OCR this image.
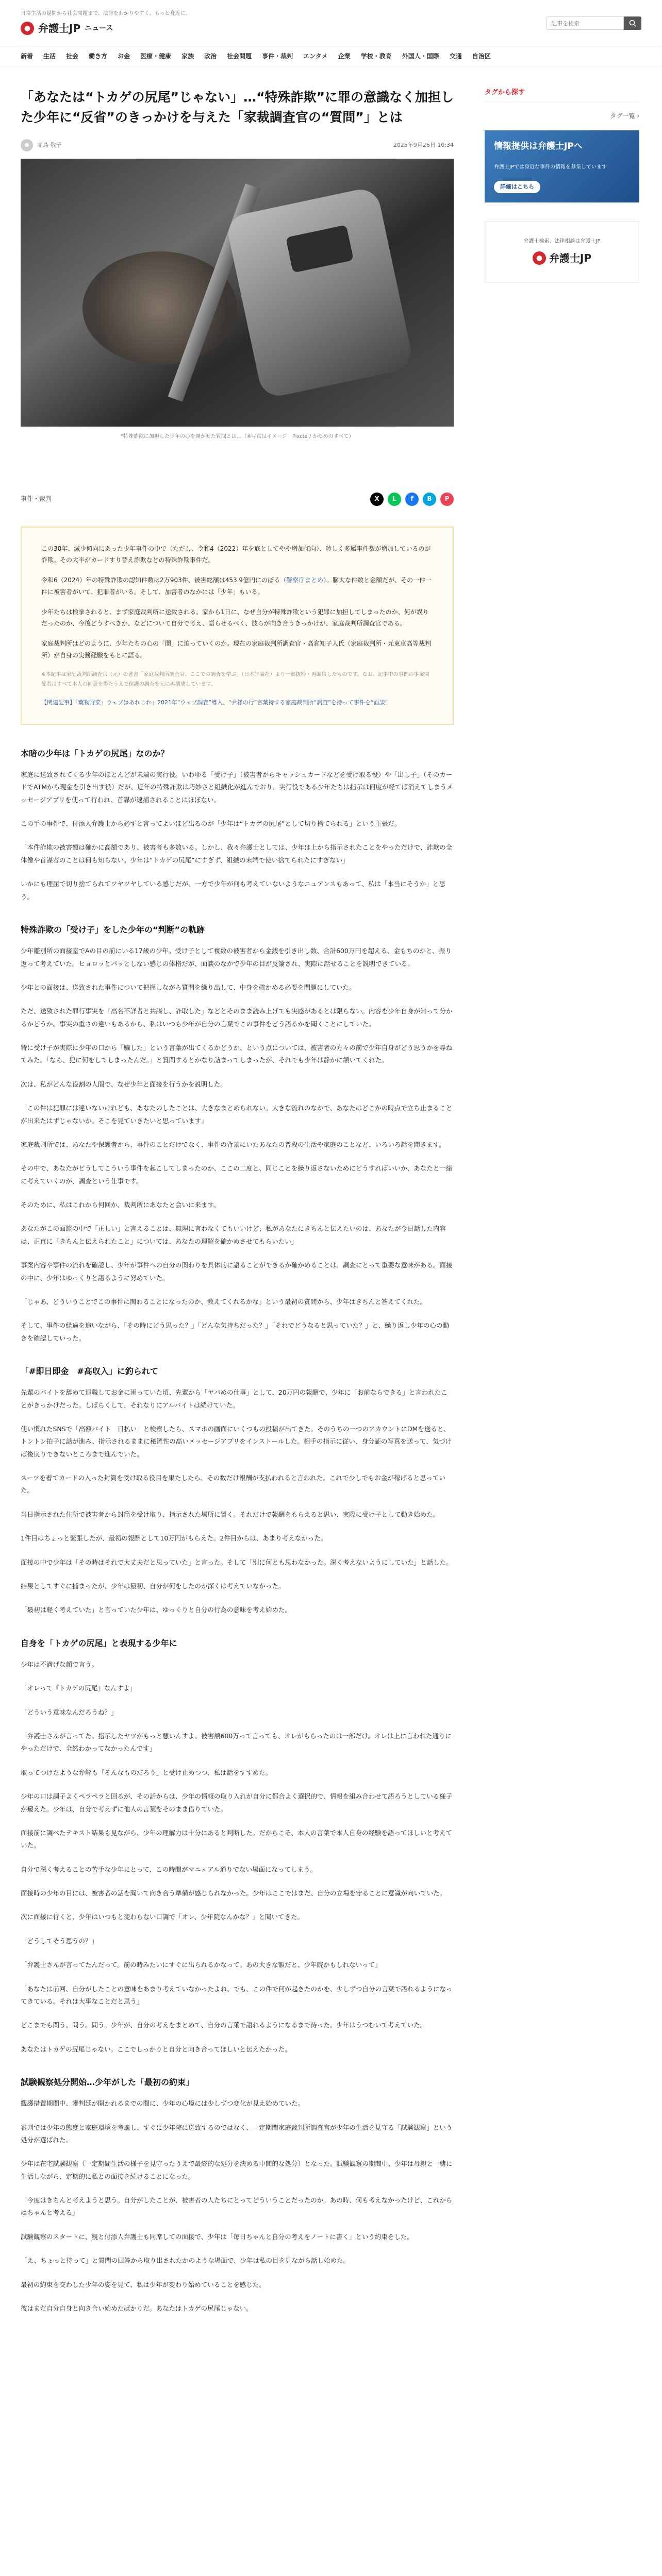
日常生活の疑問から社会問題まで、法律をわかりやすく。もっと身近に。
● 弁護士JP ニュース
記事を検索
新着 生活 社会 働き方 お金 医療・健康 家族 政治 社会問題 事件・裁判 エンタメ 企業 学校・教育 外国人・国際 交通 自治区
「あなたは“トカゲの尻尾”じゃない」…“特殊詐欺”に罪の意識なく加担した少年に“反省”のきっかけを与えた「家裁調査官の“質問”」とは
●	高島 敬子	2025年9月26日 10:34
“特殊詐欺に加担した少年の心を開かせた質問とは…（※写真はイメージ　Pixcta / かなめのすべて）
事件・裁判	X	L	f	B	P

この30年、減少傾向にあった少年事件の中で（ただし、令和4（2022）年を底としてやや増加傾向）、珍しく多属事件数が増加しているのが詐欺。その大半がカードすり替え詐欺などの特殊詐欺事件だ。

令和6（2024）年の特殊詐欺の認知件数は2万903件、被害総額は453.9億円にのぼる（警察庁まとめ）。膨大な件数と金額だが、その一件一件に被害者がいて、犯罪者がいる。そして、加害者のなかには「少年」もいる。

少年たちは検挙されると、まず家庭裁判所に送致される。家から1日に、なぜ自分が特殊詐欺という犯罪に加担してしまったのか、何が誤りだったのか、今後どうすべきか、などについて自分で考え、語らせるべく、彼らが向き合うきっかけが、家庭裁判所調査官である。

家庭裁判所はどのように、少年たちの心の「闇」に迫っていくのか。現在の家庭裁判所調査官・高倉知子人氏（家庭裁判所・元東京高等裁判所）が自身の実務経験をもとに語る。

※本記事は家庭裁判所調査官（元）の著書「家庭裁判所調査官、ここでの調査を学ぶ」（日本評論社）より一部抜粋・再編集したものです。なお、記事中の事例の事案関係者はすべて本人の同意を得たうえで保護の調査を元に再構成しています。

【関連記事】「葉物野菜」ウェブはあれこれ」2021年“ウェブ調査”導入、“尹様の行”言葉持する家庭裁判所“調査”を持って事件を“面談”

本暗の少年は「トカゲの尻尾」なのか？

家庭に送致されてくる少年のほとんどが未端の実行役。いわゆる「受け子」（被害者からキャッシュカードなどを受け取る役）や「出し子」（そのカードでATMから現金を引き出す役）だが、近年の特殊詐欺は巧妙さと組織化が進んでおり、実行役である少年たちは指示は何度が経てば消えてしまうメッセージアプリを使って行われ、首謀が逮捕されることはほぼない。

この手の事件で、付添人弁護士から必ずと言ってよいほど出るのが「少年は“トカゲの尻尾”として切り捨てられる」という主張だ。

「本件詐欺の被害額は確かに高額であり、被害者も多数いる。しかし、我々弁護士としては、少年は上から指示されたことをやっただけで、詐欺の全体像や首謀者のことは何も知らない。少年は“トカゲの尻尾”にすぎず、組織の末端で使い捨てられたにすぎない」

いかにも理屈で切り捨てられてツヤツヤしている感じだが、一方で少年が何も考えていないようなニュアンスもあって、私は「本当にそうか」と思う。

特殊詐欺の「受け子」をした少年の“判断”の軌跡

少年鑑別所の面接室でAの目の前にいる17歳の少年。受け子として複数の被害者から金銭を引き出し数、合計600万円を超える、金もちのかと、振り返って考えていた。ヒョロッとパッとしない感じの体格だが、面談のなかで少年の目が反論され、実際に話せることを説明できている。

少年との面接は、送致された事件について把握しながら質問を繰り出して、中身を確かめる必要を問題にしていた。

ただ、送致された罪行事実を「高名不詳者と共謀し、詐取した」などとそのまま読み上げても実感があるとは限らない。内容を少年自身が知って分かるかどうか。事実の重さの違いもあるから、私はいつも少年が自分の言葉でこの事件をどう語るかを聞くことにしていた。

特に受け子が実際に少年の口から「騙した」という言葉が出てくるかどうか、という点については、被害者の方々の前で少年自身がどう思うかを尋ねてみた。「なら、犯に何をしてしまったんだ。」と質問するとかなり詰まってしまったが、それでも少年は静かに頷いてくれた。

次は、私がどんな役割の人間で、なぜ少年と面接を行うかを説明した。

「この件は犯罪には違いないけれども、あなたのしたことは、大きなまとめられない。大きな流れのなかで、あなたはどこかの時点で立ち止まることが出来たはずじゃないか。そこを見ていきたいと思っています」

家庭裁判所では、あなたや保護者から、事件のことだけでなく、事件の背景にいたあなたの普段の生活や家庭のことなど、いろいろ話を聞きます。

その中で、あなたがどうしてこういう事件を起こしてしまったのか、ここの二度と、同じことを繰り返さないためにどうすればいいか、あなたと一緒に考えていくのが、調査という仕事です。

そのために、私はこれから何回か、裁判所にあなたと会いに来ます。

あなたがこの面談の中で「正しい」と言えることは、無理に言わなくてもいいけど、私があなたにきちんと伝えたいのは、あなたが今日話した内容は、正直に「きちんと伝えられたこと」については、あなたの理解を確かめさせてもらいたい」

事案内容や事件の流れを確認し、少年が事件への自分の関わりを具体的に語ることができるか確かめることは、調査にとって重要な意味がある。面接の中に、少年はゆっくりと語るように努めていた。

「じゃあ、どういうことでこの事件に関わることになったのか、教えてくれるかな」という最初の質問から、少年はきちんと答えてくれた。

そして、事件の経過を追いながら、「その時にどう思った？」「どんな気持ちだった？」「それでどうなると思っていた？」と、繰り返し少年の心の動きを確認していった。

「#即日即金　#高収入」に釣られて

先輩のバイトを辞めて退職してお金に困っていた頃、先輩から「ヤバめの仕事」として、20万円の報酬で、少年に「お前ならできる」と言われたことがきっかけだった。しばらくして、それなりにアルバイトは続けていた。

使い慣れたSNSで「高額バイト　日払い」と検索したら、スマホの画面にいくつもの投稿が出てきた。そのうちの一つのアカウントにDMを送ると、トントン拍子に話が進み、指示されるままに秘匿性の高いメッセージアプリをインストールした。相手の指示に従い、身分証の写真を送って、気づけば後戻りできないところまで進んでいた。

スーツを着てカードの入った封筒を受け取る役目を果たしたら、その数だけ報酬が支払われると言われた。これで少しでもお金が稼げると思っていた。

当日指示された住所で被害者から封筒を受け取り、指示された場所に置く。それだけで報酬をもらえると思い、実際に受け子として動き始めた。

1件目はちょっと緊張したが、最初の報酬として10万円がもらえた。2件目からは、あまり考えなかった。

面接の中で少年は「その時はそれで大丈夫だと思っていた」と言った。そして「別に何とも思わなかった。深く考えないようにしていた」と話した。

結果としてすぐに捕まったが、少年は最初、自分が何をしたのか深くは考えていなかった。

「最初は軽く考えていた」と言っていた少年は、ゆっくりと自分の行為の意味を考え始めた。

自身を「トカゲの尻尾」と表現する少年に

少年は不満げな顔で言う。

「オレって『トカゲの尻尾』なんすよ」

「どういう意味なんだろうね？」

「弁護士さんが言ってた。指示したヤツがもっと悪いんすよ。被害額600万って言っても、オレがもらったのは一部だけ。オレは上に言われた通りにやっただけで、全然わかってなかったんです」

取ってつけたような弁解も「そんなものだろう」と受け止めつつ、私は話をすすめた。

少年の口は調子よくペラペラと回るが、その話からは、少年の情報の取り入れが自分に都合よく選択的で、情報を組み合わせて語ろうとしている様子が窺えた。少年は、自分で考えずに他人の言葉をそのまま借りていた。

面接前に調べたテキスト結果も見ながら、少年の理解力は十分にあると判断した。だからこそ、本人の言葉で本人自身の経験を語ってほしいと考えていた。

自分で深く考えることの苦手な少年にとって、この時間がマニュアル通りでない場面になってしまう。

面接時の少年の目には、被害者の話を聞いて向き合う準備が感じられなかった。少年はここではまだ、自分の立場を守ることに意識が向いていた。

次に面接に行くと、少年はいつもと変わらない口調で「オレ、少年院なんかな？」と聞いてきた。

「どうしてそう思うの？」

「弁護士さんが言ってたんだって。前の時みたいにすぐに出られるかなって。あの大きな額だと、少年院かもしれないって」

「あなたは前回、自分がしたことの意味をあまり考えていなかったよね。でも、この件で何が起きたのかを、少しずつ自分の言葉で語れるようになってきている。それは大事なことだと思う」

どこまでも問う。問う。問う。少年が、自分の考えをまとめて、自分の言葉で語れるようになるまで待った。少年はうつむいて考えていた。

あなたはトカゲの尻尾じゃない。ここでしっかりと自分と向き合ってほしいと伝えたかった。

試験観察処分開始…少年がした「最初の約束」

観護措置期間中、審判廷が開かれるまでの間に、少年の心境には少しずつ変化が見え始めていた。

審判では少年の態度と家庭環境を考慮し、すぐに少年院に送致するのではなく、一定期間家庭裁判所調査官が少年の生活を見守る「試験観察」という処分が選ばれた。

少年は在宅試験観察（一定期間生活の様子を見守ったうえで最終的な処分を決める中間的な処分）となった。試験観察の期間中、少年は母親と一緒に生活しながら、定期的に私との面接を続けることになった。

「今度はきちんと考えようと思う。自分がしたことが、被害者の人たちにとってどういうことだったのか。あの時、何も考えなかったけど、これからはちゃんと考える」

試験観察のスタートに、親と付添人弁護士も同席しての面接で、少年は「毎日ちゃんと自分の考えをノートに書く」という約束をした。

「え、ちょっと待って」と質問の回答から取り出されたかのような場面で、少年は私の目を見ながら話し始めた。

最初の約束を交わした少年の姿を見て、私は少年が変わり始めていることを感じた。

彼はまだ自分自身と向き合い始めたばかりだ。あなたはトカゲの尻尾じゃない。

タグから探す
タグ一覧 ›
情報提供は弁護士JPへ
弁護士JPでは身近な事件の情報を募集しています
詳細はこちら
弁護士検索、法律相談は弁護士JP
● 弁護士JP
